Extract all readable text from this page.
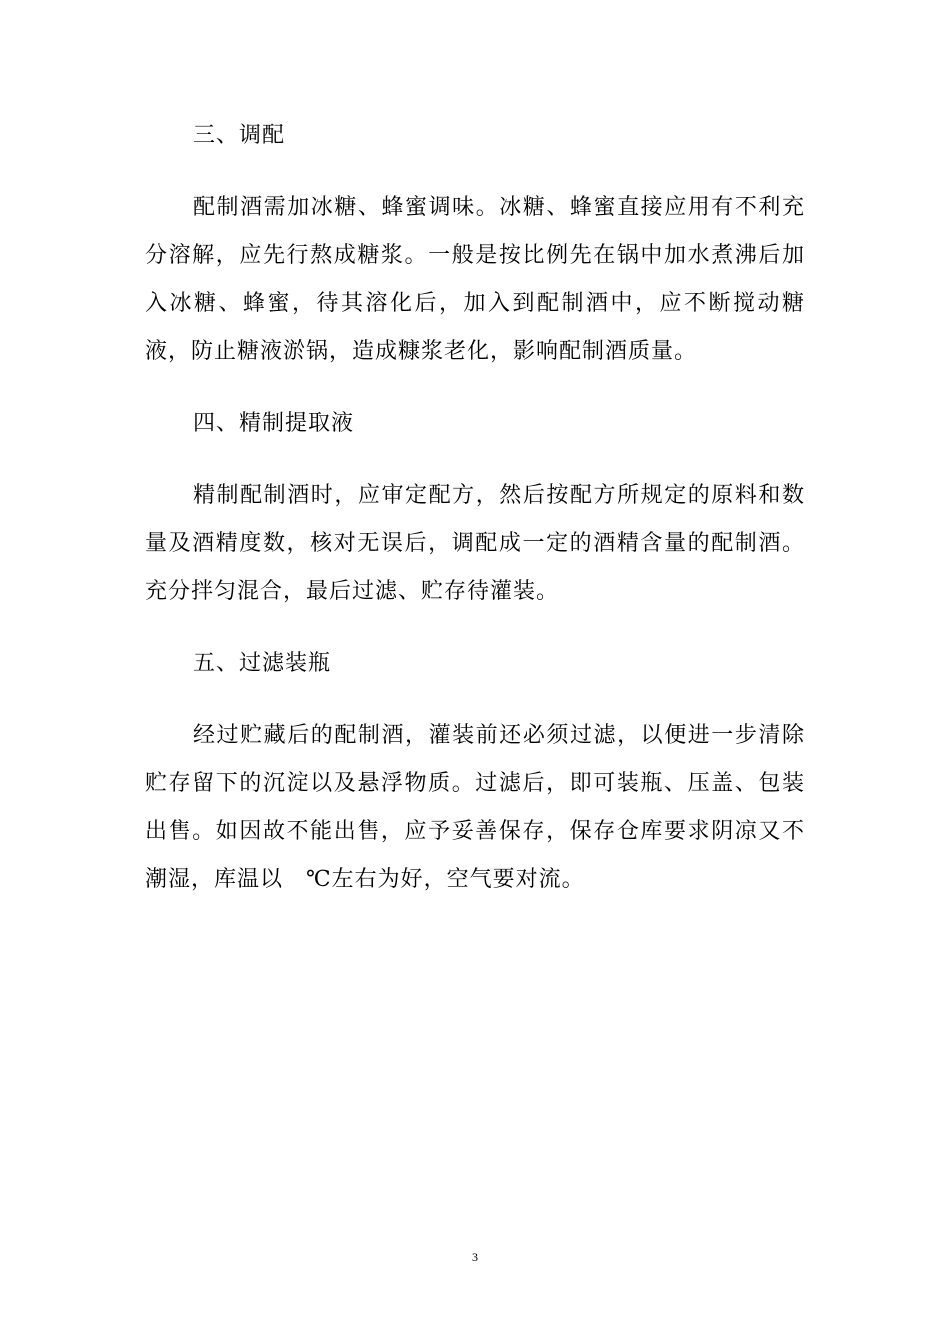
三、调配
配制酒需加冰糖、蜂蜜调味。冰糖、蜂蜜直接应用有不利充分溶解，应先行熬成糖浆。一般是按比例先在锅中加水煮沸后加入冰糖、蜂蜜，待其溶化后，加入到配制酒中，应不断搅动糖液，防止糖液淤锅，造成糠浆老化，影响配制酒质量。
四、精制提取液
精制配制酒时，应审定配方，然后按配方所规定的原料和数量及酒精度数，核对无误后，调配成一定的酒精含量的配制酒。充分拌匀混合，最后过滤、贮存待灌装。
五、过滤装瓶
经过贮藏后的配制酒，灌装前还必须过滤，以便进一步清除贮存留下的沉淀以及悬浮物质。过滤后，即可装瓶、压盖、包装出售。如因故不能出售，应予妥善保存，保存仓库要求阴凉又不潮湿，库温以　℃左右为好，空气要对流。
3
